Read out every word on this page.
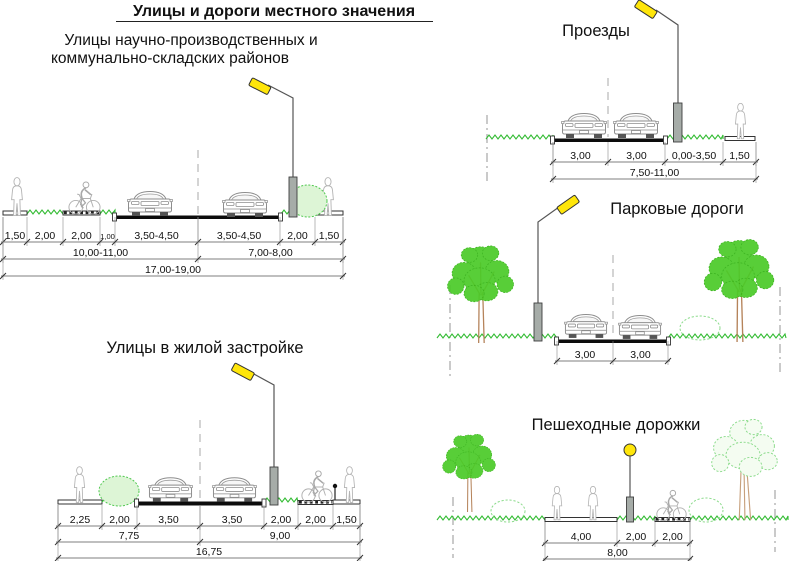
Улицы и дороги местного значения
Улицы научно-производственных и
коммунально-складских районов
Проезды
Парковые дороги
Улицы в жилой застройке
Пешеходные дорожки
1,50 2,00 2,00 1,00 3,50-4,50	3,50-4,50 2,00 1,50
10,00-11,00	7,00-8,00
17,00-19,00
3,00	3,00 0,00-3,50 1,50
7,50-11,00
3,00	3,00
2,25 2,00	3,50	3,50	2,00 2,00 1,50
7,75	9,00
16,75
4,00	2,00 2,00
8,00
